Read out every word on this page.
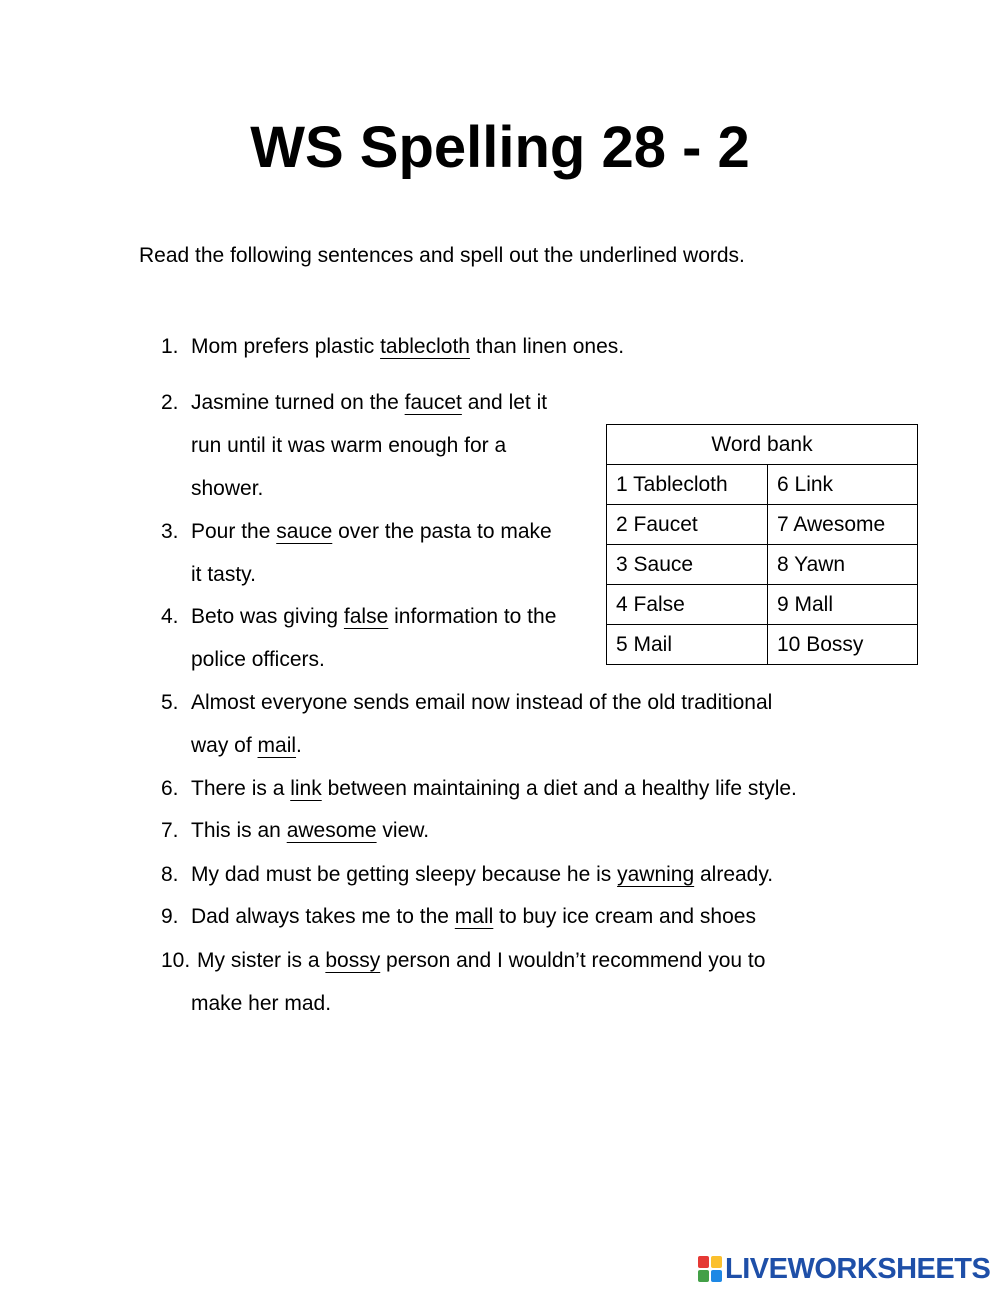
WS Spelling 28 - 2
Read the following sentences and spell out the underlined words.
1. Mom prefers plastic tablecloth than linen ones.
2. Jasmine turned on the faucet and let it
run until it was warm enough for a
shower.
3. Pour the sauce over the pasta to make
it tasty.
4. Beto was giving false information to the
police officers.
5. Almost everyone sends email now instead of the old traditional
way of mail.
6. There is a link between maintaining a diet and a healthy life style.
7. This is an awesome view.
8. My dad must be getting sleepy because he is yawning already.
9. Dad always takes me to the mall to buy ice cream and shoes
10. My sister is a bossy person and I wouldn’t recommend you to
make her mad.
Word bank	
1 Tablecloth	6 Link
2 Faucet	7 Awesome
3 Sauce	8 Yawn
4 False	9 Mall
5 Mail	10 Bossy
LIVEWORKSHEETS
